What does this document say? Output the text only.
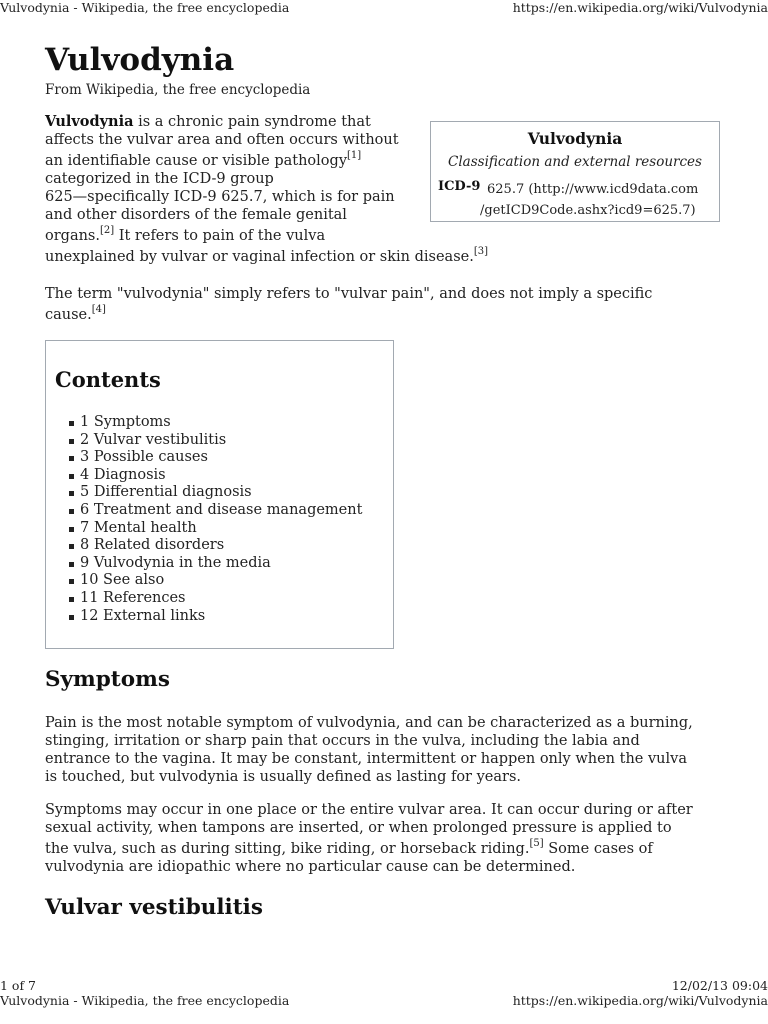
Vulvodynia - Wikipedia, the free encyclopedia	https://en.wikipedia.org/wiki/Vulvodynia
Vulvodynia
From Wikipedia, the free encyclopedia
Vulvodynia is a chronic pain syndrome that
affects the vulvar area and often occurs without
an identifiable cause or visible pathology[1]
categorized in the ICD-9 group
625—specifically ICD-9 625.7, which is for pain
and other disorders of the female genital
organs.[2] It refers to pain of the vulva
unexplained by vulvar or vaginal infection or skin disease.[3]
Vulvodynia
Classification and external resources
ICD-9 625.7 (http://www.icd9data.com
/getICD9Code.ashx?icd9=625.7)
The term "vulvodynia" simply refers to "vulvar pain", and does not imply a specific
cause.[4]
Contents
1 Symptoms
2 Vulvar vestibulitis
3 Possible causes
4 Diagnosis
5 Differential diagnosis
6 Treatment and disease management
7 Mental health
8 Related disorders
9 Vulvodynia in the media
10 See also
11 References
12 External links
Symptoms
Pain is the most notable symptom of vulvodynia, and can be characterized as a burning,
stinging, irritation or sharp pain that occurs in the vulva, including the labia and
entrance to the vagina. It may be constant, intermittent or happen only when the vulva
is touched, but vulvodynia is usually defined as lasting for years.
Symptoms may occur in one place or the entire vulvar area. It can occur during or after
sexual activity, when tampons are inserted, or when prolonged pressure is applied to
the vulva, such as during sitting, bike riding, or horseback riding.[5] Some cases of
vulvodynia are idiopathic where no particular cause can be determined.
Vulvar vestibulitis
1 of 7	12/02/13 09:04
Vulvodynia - Wikipedia, the free encyclopedia	https://en.wikipedia.org/wiki/Vulvodynia
